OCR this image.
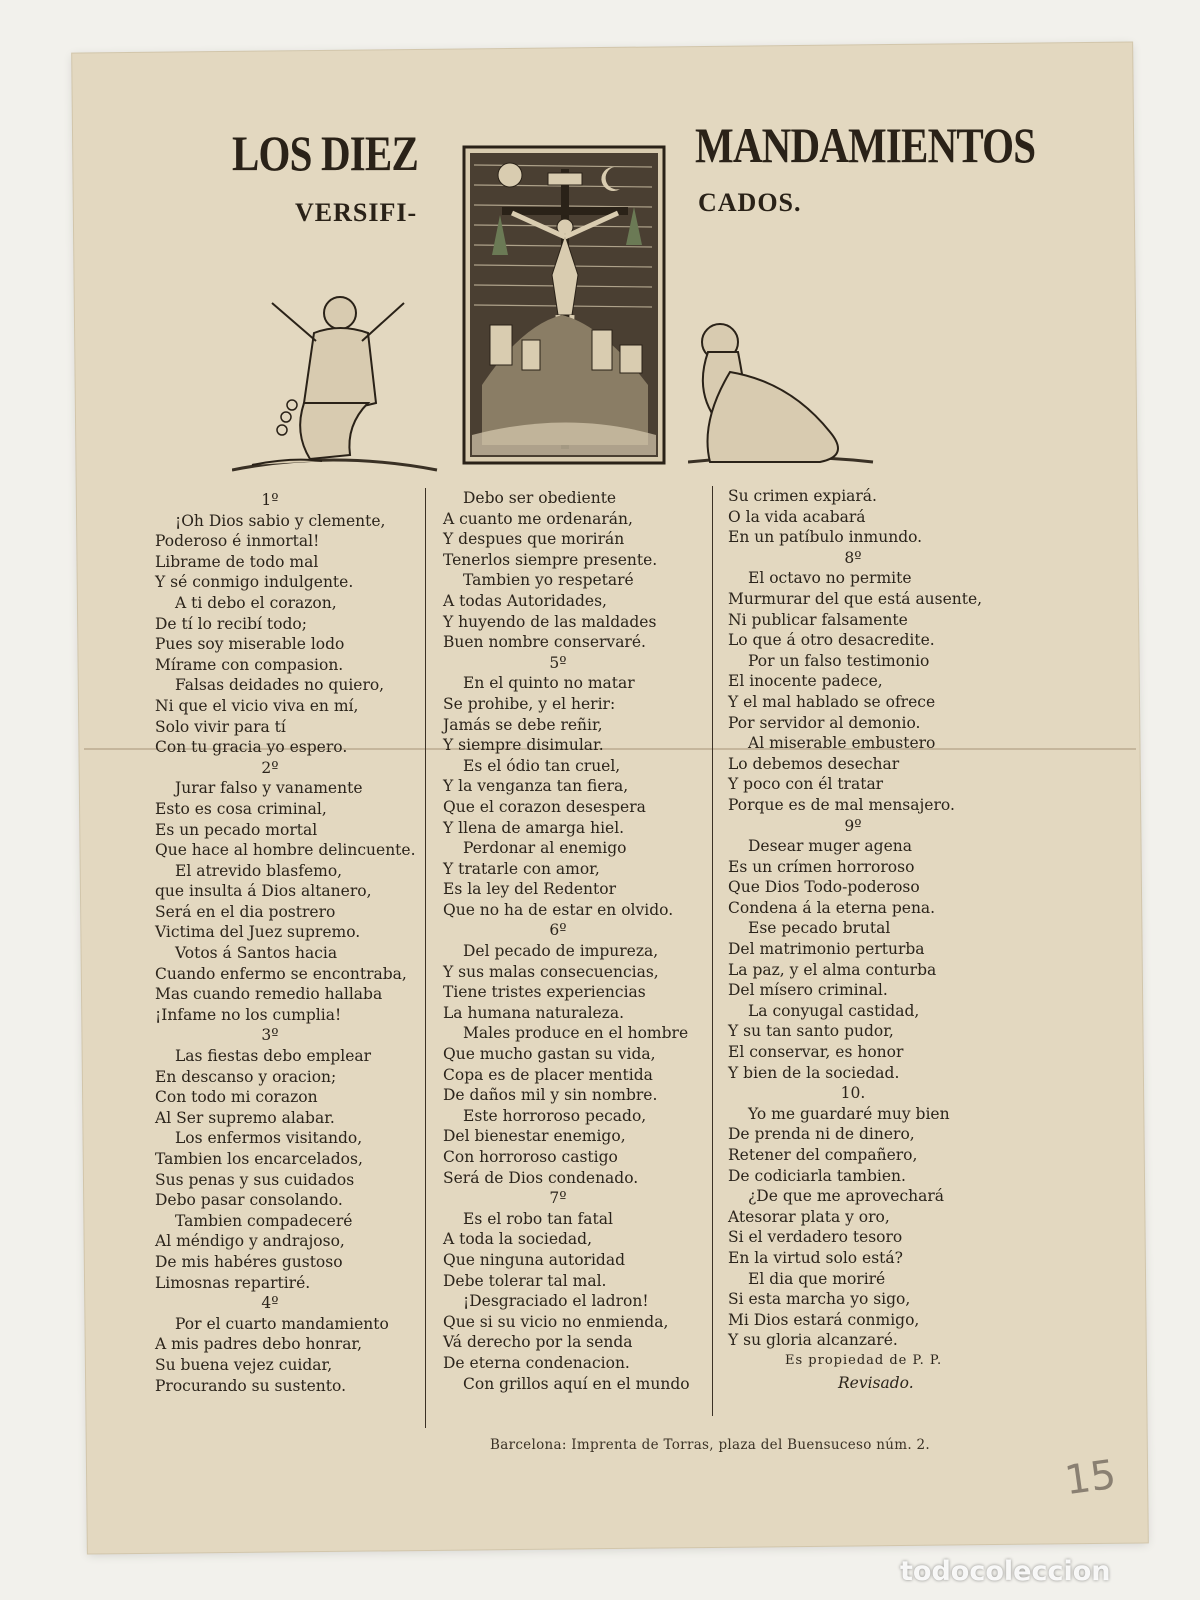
LOS DIEZ	MANDAMIENTOS
VERSIFI-	CADOS.
1º
¡Oh Dios sabio y clemente,
Poderoso é inmortal!
Librame de todo mal
Y sé conmigo indulgente.
A ti debo el corazon,
De tí lo recibí todo;
Pues soy miserable lodo
Mírame con compasion.
Falsas deidades no quiero,
Ni que el vicio viva en mí,
Solo vivir para tí
Con tu gracia yo espero.
2º
Jurar falso y vanamente
Esto es cosa criminal,
Es un pecado mortal
Que hace al hombre delincuente.
El atrevido blasfemo,
que insulta á Dios altanero,
Será en el dia postrero
Victima del Juez supremo.
Votos á Santos hacia
Cuando enfermo se encontraba,
Mas cuando remedio hallaba
¡Infame no los cumplia!
3º
Las fiestas debo emplear
En descanso y oracion;
Con todo mi corazon
Al Ser supremo alabar.
Los enfermos visitando,
Tambien los encarcelados,
Sus penas y sus cuidados
Debo pasar consolando.
Tambien compadeceré
Al méndigo y andrajoso,
De mis habéres gustoso
Limosnas repartiré.
4º
Por el cuarto mandamiento
A mis padres debo honrar,
Su buena vejez cuidar,
Procurando su sustento.
Debo ser obediente
A cuanto me ordenarán,
Y despues que morirán
Tenerlos siempre presente.
Tambien yo respetaré
A todas Autoridades,
Y huyendo de las maldades
Buen nombre conservaré.
5º
En el quinto no matar
Se prohibe, y el herir:
Jamás se debe reñir,
Y siempre disimular.
Es el ódio tan cruel,
Y la venganza tan fiera,
Que el corazon desespera
Y llena de amarga hiel.
Perdonar al enemigo
Y tratarle con amor,
Es la ley del Redentor
Que no ha de estar en olvido.
6º
Del pecado de impureza,
Y sus malas consecuencias,
Tiene tristes experiencias
La humana naturaleza.
Males produce en el hombre
Que mucho gastan su vida,
Copa es de placer mentida
De daños mil y sin nombre.
Este horroroso pecado,
Del bienestar enemigo,
Con horroroso castigo
Será de Dios condenado.
7º
Es el robo tan fatal
A toda la sociedad,
Que ninguna autoridad
Debe tolerar tal mal.
¡Desgraciado el ladron!
Que si su vicio no enmienda,
Vá derecho por la senda
De eterna condenacion.
Con grillos aquí en el mundo
Su crimen expiará.
O la vida acabará
En un patíbulo inmundo.
8º
El octavo no permite
Murmurar del que está ausente,
Ni publicar falsamente
Lo que á otro desacredite.
Por un falso testimonio
El inocente padece,
Y el mal hablado se ofrece
Por servidor al demonio.
Al miserable embustero
Lo debemos desechar
Y poco con él tratar
Porque es de mal mensajero.
9º
Desear muger agena
Es un crímen horroroso
Que Dios Todo-poderoso
Condena á la eterna pena.
Ese pecado brutal
Del matrimonio perturba
La paz, y el alma conturba
Del mísero criminal.
La conyugal castidad,
Y su tan santo pudor,
El conservar, es honor
Y bien de la sociedad.
10.
Yo me guardaré muy bien
De prenda ni de dinero,
Retener del compañero,
De codiciarla tambien.
¿De que me aprovechará
Atesorar plata y oro,
Si el verdadero tesoro
En la virtud solo está?
El dia que moriré
Si esta marcha yo sigo,
Mi Dios estará conmigo,
Y su gloria alcanzaré.
Es propiedad de P. P.
Revisado.
Barcelona: Imprenta de Torras, plaza del Buensuceso núm. 2.
15
todocoleccion
